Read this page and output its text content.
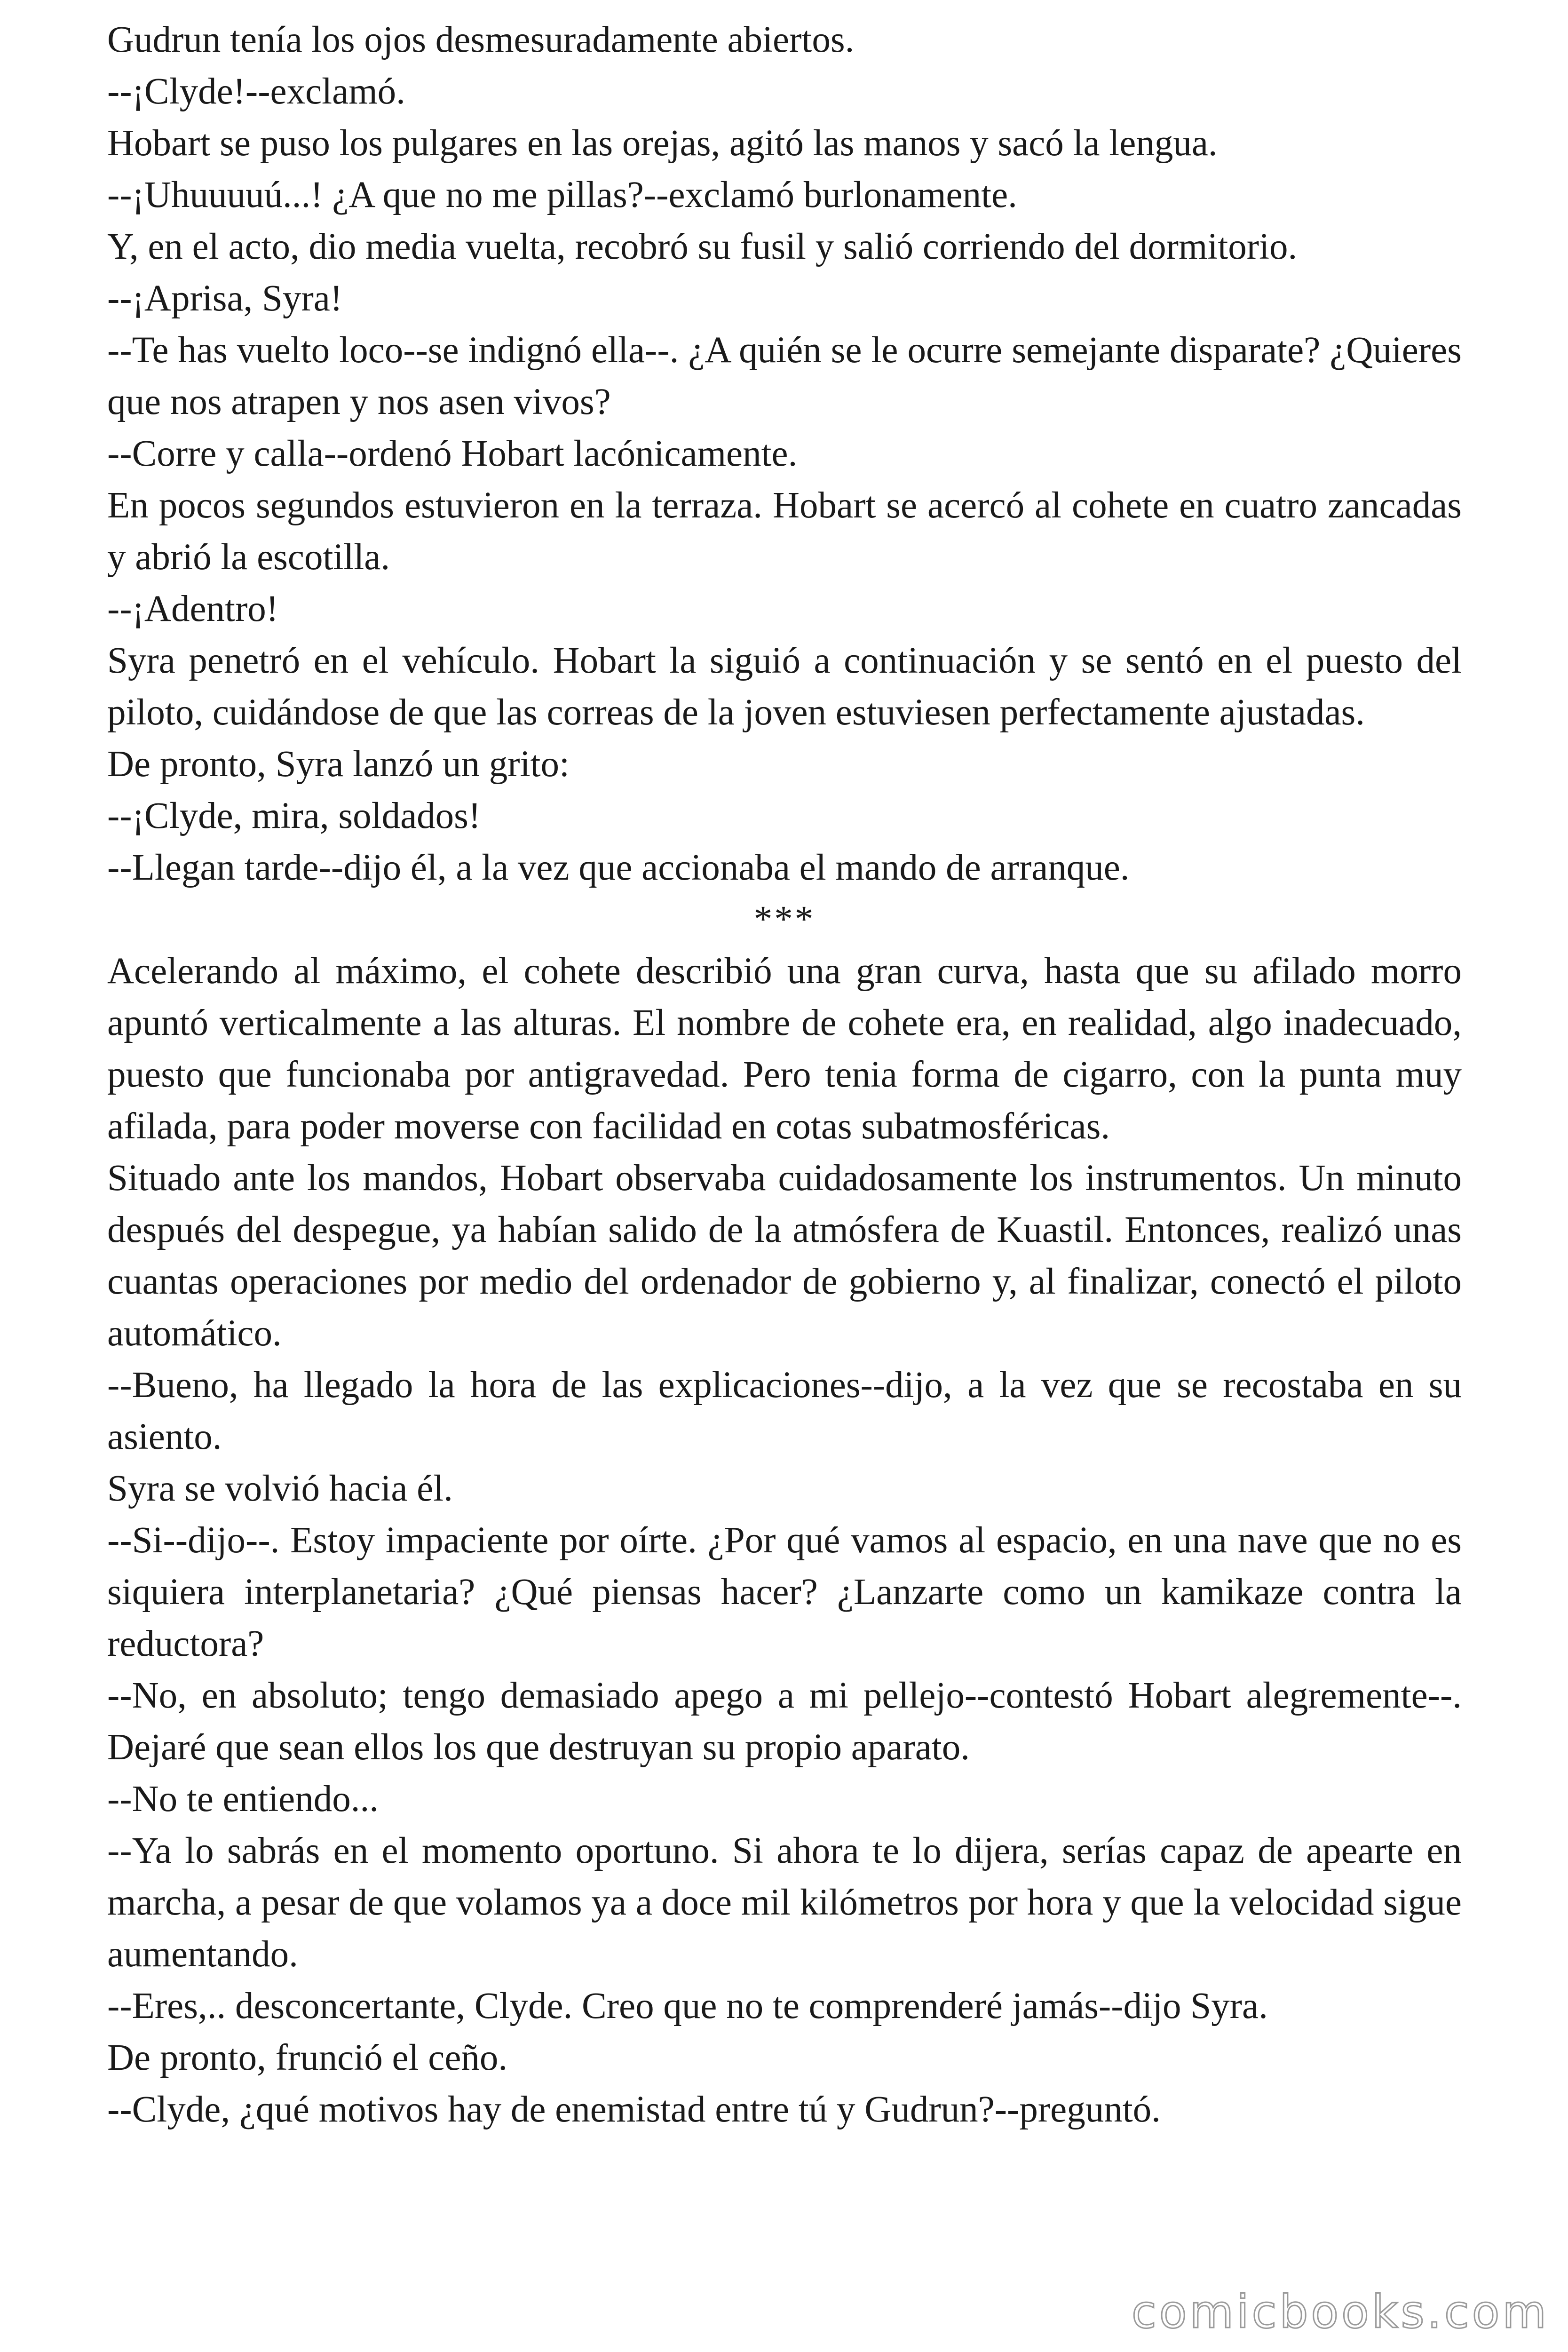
Gudrun tenía los ojos desmesuradamente abiertos.

--¡Clyde!--exclamó.

Hobart se puso los pulgares en las orejas, agitó las manos y sacó la lengua.

--¡Uhuuuuú...! ¿A que no me pillas?--exclamó burlonamente.

Y, en el acto, dio media vuelta, recobró su fusil y salió corriendo del dormitorio.

--¡Aprisa, Syra!

--Te has vuelto loco--se indignó ella--. ¿A quién se le ocurre semejante disparate? ¿Quieres que nos atrapen y nos asen vivos?

--Corre y calla--ordenó Hobart lacónicamente.

En pocos segundos estuvieron en la terraza. Hobart se acercó al cohete en cuatro zancadas y abrió la escotilla.

--¡Adentro!

Syra penetró en el vehículo. Hobart la siguió a continuación y se sentó en el puesto del piloto, cuidándose de que las correas de la joven estuviesen perfectamente ajustadas.

De pronto, Syra lanzó un grito:

--¡Clyde, mira, soldados!

--Llegan tarde--dijo él, a la vez que accionaba el mando de arranque.

***

Acelerando al máximo, el cohete describió una gran curva, hasta que su afilado morro apuntó verticalmente a las alturas. El nombre de cohete era, en realidad, algo inadecuado, puesto que funcionaba por antigravedad. Pero tenia forma de cigarro, con la punta muy afilada, para poder moverse con facilidad en cotas subatmosféricas.

Situado ante los mandos, Hobart observaba cuidadosamente los instrumentos. Un minuto después del despegue, ya habían salido de la atmósfera de Kuastil. Entonces, realizó unas cuantas operaciones por medio del ordenador de gobierno y, al finalizar, conectó el piloto automático.

--Bueno, ha llegado la hora de las explicaciones--dijo, a la vez que se recostaba en su asiento.

Syra se volvió hacia él.

--Si--dijo--. Estoy impaciente por oírte. ¿Por qué vamos al espacio, en una nave que no es siquiera interplanetaria? ¿Qué piensas hacer? ¿Lanzarte como un kamikaze contra la reductora?

--No, en absoluto; tengo demasiado apego a mi pellejo--contestó Hobart alegremente--. Dejaré que sean ellos los que destruyan su propio aparato.

--No te entiendo...

--Ya lo sabrás en el momento oportuno. Si ahora te lo dijera, serías capaz de apearte en marcha, a pesar de que volamos ya a doce mil kilómetros por hora y que la velocidad sigue aumentando.

--Eres,.. desconcertante, Clyde. Creo que no te comprenderé jamás--dijo Syra.

De pronto, frunció el ceño.

--Clyde, ¿qué motivos hay de enemistad entre tú y Gudrun?--preguntó.

comicbooks.com
